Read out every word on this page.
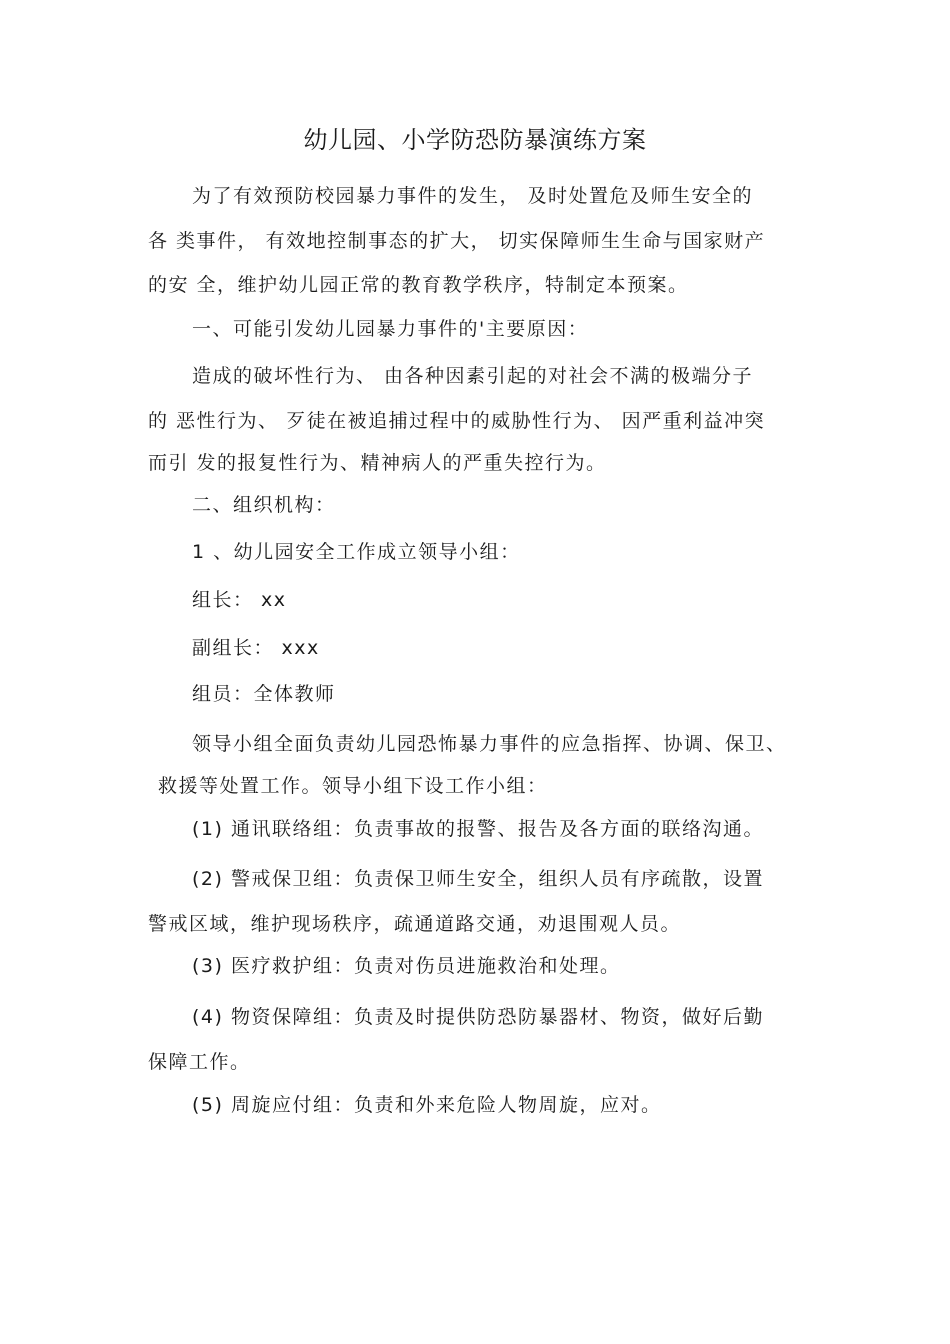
幼儿园、小学防恐防暴演练方案
为了有效预防校园暴力事件的发生， 及时处置危及师生安全的
各 类事件， 有效地控制事态的扩大， 切实保障师生生命与国家财产
的安 全，维护幼儿园正常的教育教学秩序，特制定本预案。
一、可能引发幼儿园暴力事件的'主要原因：
造成的破坏性行为、 由各种因素引起的对社会不满的极端分子
的 恶性行为、 歹徒在被追捕过程中的威胁性行为、 因严重利益冲突
而引 发的报复性行为、精神病人的严重失控行为。
二、组织机构：
1 、幼儿园安全工作成立领导小组：
组长： xx
副组长： xxx
组员：全体教师
领导小组全面负责幼儿园恐怖暴力事件的应急指挥、协调、保卫、
救援等处置工作。领导小组下设工作小组：
(1) 通讯联络组：负责事故的报警、报告及各方面的联络沟通。
(2) 警戒保卫组：负责保卫师生安全，组织人员有序疏散，设置
警戒区域，维护现场秩序，疏通道路交通，劝退围观人员。
(3) 医疗救护组：负责对伤员进施救治和处理。
(4) 物资保障组：负责及时提供防恐防暴器材、物资，做好后勤
保障工作。
(5) 周旋应付组：负责和外来危险人物周旋，应对。
